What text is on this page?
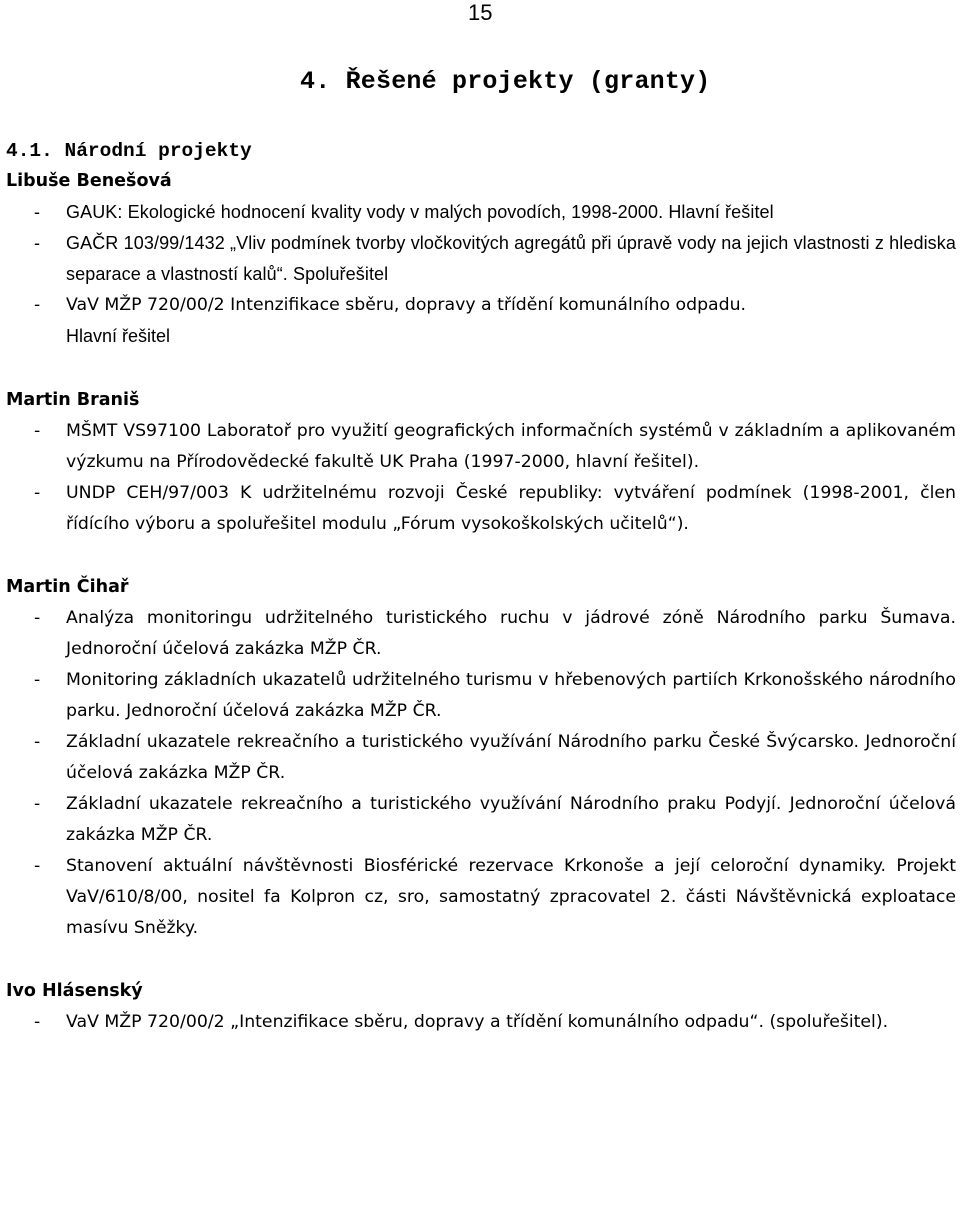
15
4. Řešené projekty (granty)
4.1. Národní projekty
Libuše Benešová
-	GAUK: Ekologické hodnocení kvality vody v malých povodích, 1998-2000. Hlavní řešitel
-	GAČR 103/99/1432 „Vliv podmínek tvorby vločkovitých agregátů při úpravě vody na jejich vlastnosti z hlediska separace a vlastností kalů“. Spoluřešitel
-	VaV MŽP 720/00/2 Intenzifikace sběru, dopravy a třídění komunálního odpadu.
Hlavní řešitel
Martin Braniš
-	MŠMT VS97100 Laboratoř pro využití geografických informačních systémů v základním a aplikovaném výzkumu na Přírodovědecké fakultě UK Praha (1997-2000, hlavní řešitel).
-	UNDP CEH/97/003 K udržitelnému rozvoji České republiky: vytváření podmínek (1998-2001, člen řídícího výboru a spoluřešitel modulu „Fórum vysokoškolských učitelů“).
Martin Čihař
-	Analýza monitoringu udržitelného turistického ruchu v jádrové zóně Národního parku Šumava. Jednoroční účelová zakázka MŽP ČR.
-	Monitoring základních ukazatelů udržitelného turismu v hřebenových partiích Krkonošského národního parku. Jednoroční účelová zakázka MŽP ČR.
-	Základní ukazatele rekreačního a turistického využívání Národního parku České Švýcarsko. Jednoroční účelová zakázka MŽP ČR.
-	Základní ukazatele rekreačního a turistického využívání Národního praku Podyjí. Jednoroční účelová zakázka MŽP ČR.
-	Stanovení aktuální návštěvnosti Biosférické rezervace Krkonoše a její celoroční dynamiky. Projekt VaV/610/8/00, nositel fa Kolpron cz, sro, samostatný zpracovatel 2. části Návštěvnická exploatace masívu Sněžky.
Ivo Hlásenský
-	VaV MŽP 720/00/2 „Intenzifikace sběru, dopravy a třídění komunálního odpadu“. (spoluřešitel).
